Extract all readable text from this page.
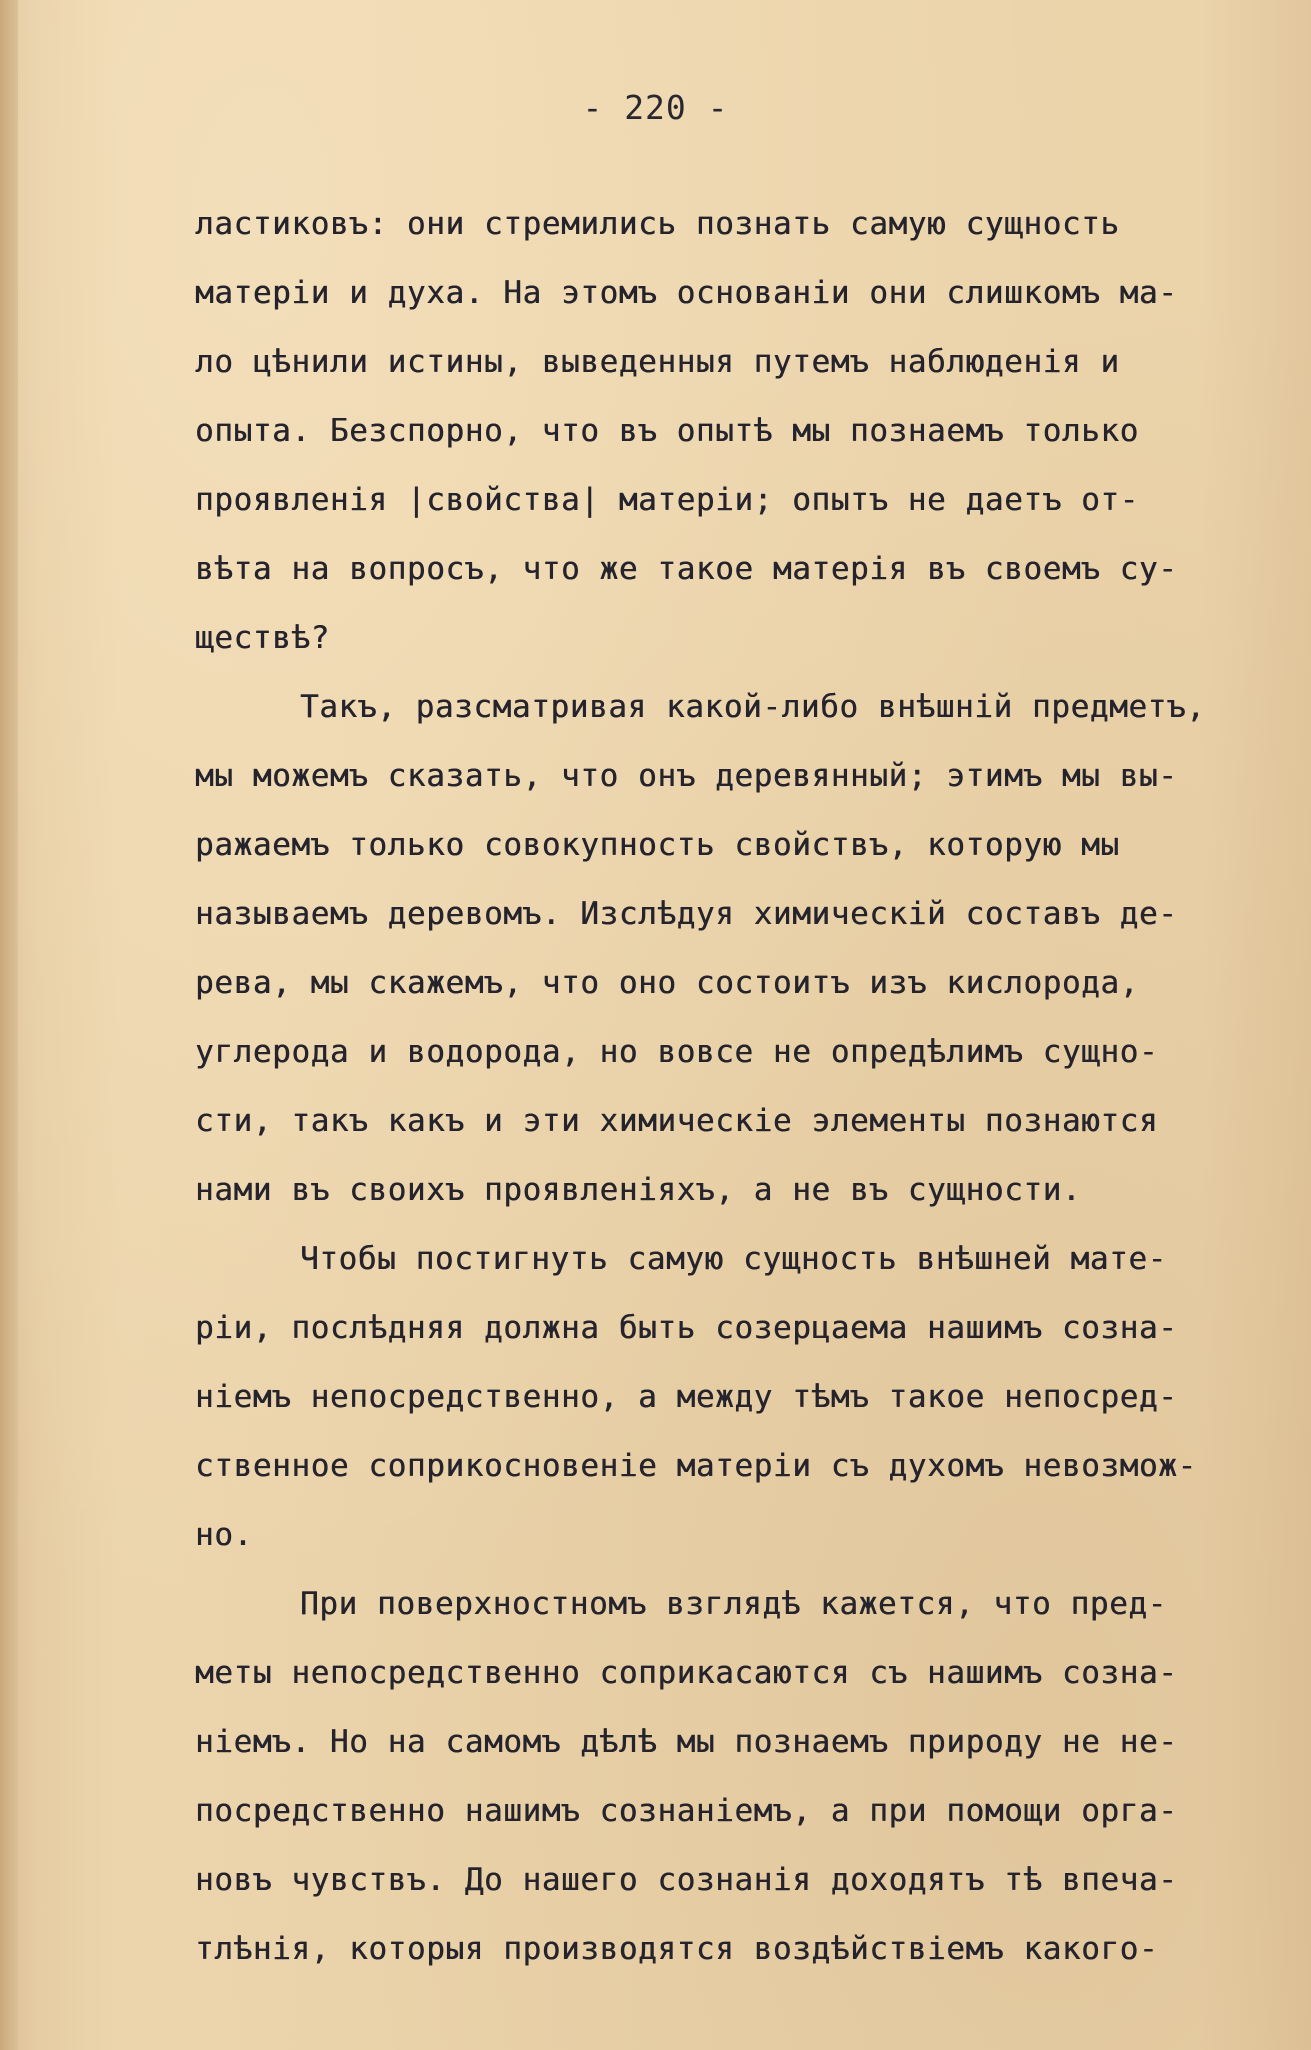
- 220 -
ластиковъ: они стремились познать самую сущность
матерiи и духа. На этомъ основанiи они слишкомъ ма-
ло цѣнили истины, выведенныя путемъ наблюденiя и
опыта. Безспорно, что въ опытѣ мы познаемъ только
проявленiя |свойства| матерiи; опытъ не даетъ от-
вѣта на вопросъ, что же такое матерiя въ своемъ су-
ществѣ?
Такъ, разсматривая какой-либо внѣшнiй предметъ,
мы можемъ сказать, что онъ деревянный; этимъ мы вы-
ражаемъ только совокупность свойствъ, которую мы
называемъ деревомъ. Изслѣдуя химическiй составъ де-
рева, мы скажемъ, что оно состоитъ изъ кислорода,
углерода и водорода, но вовсе не опредѣлимъ сущно-
сти, такъ какъ и эти химическiе элементы познаются
нами въ своихъ проявленiяхъ, а не въ сущности.
Чтобы постигнуть самую сущность внѣшней мате-
рiи, послѣдняя должна быть созерцаема нашимъ созна-
нiемъ непосредственно, а между тѣмъ такое непосред-
ственное соприкосновенiе матерiи съ духомъ невозмож-
но.
При поверхностномъ взглядѣ кажется, что пред-
меты непосредственно соприкасаются съ нашимъ созна-
нiемъ. Но на самомъ дѣлѣ мы познаемъ природу не не-
посредственно нашимъ сознанiемъ, а при помощи орга-
новъ чувствъ. До нашего сознанiя доходятъ тѣ впеча-
тлѣнiя, которыя производятся воздѣйствiемъ какого-
